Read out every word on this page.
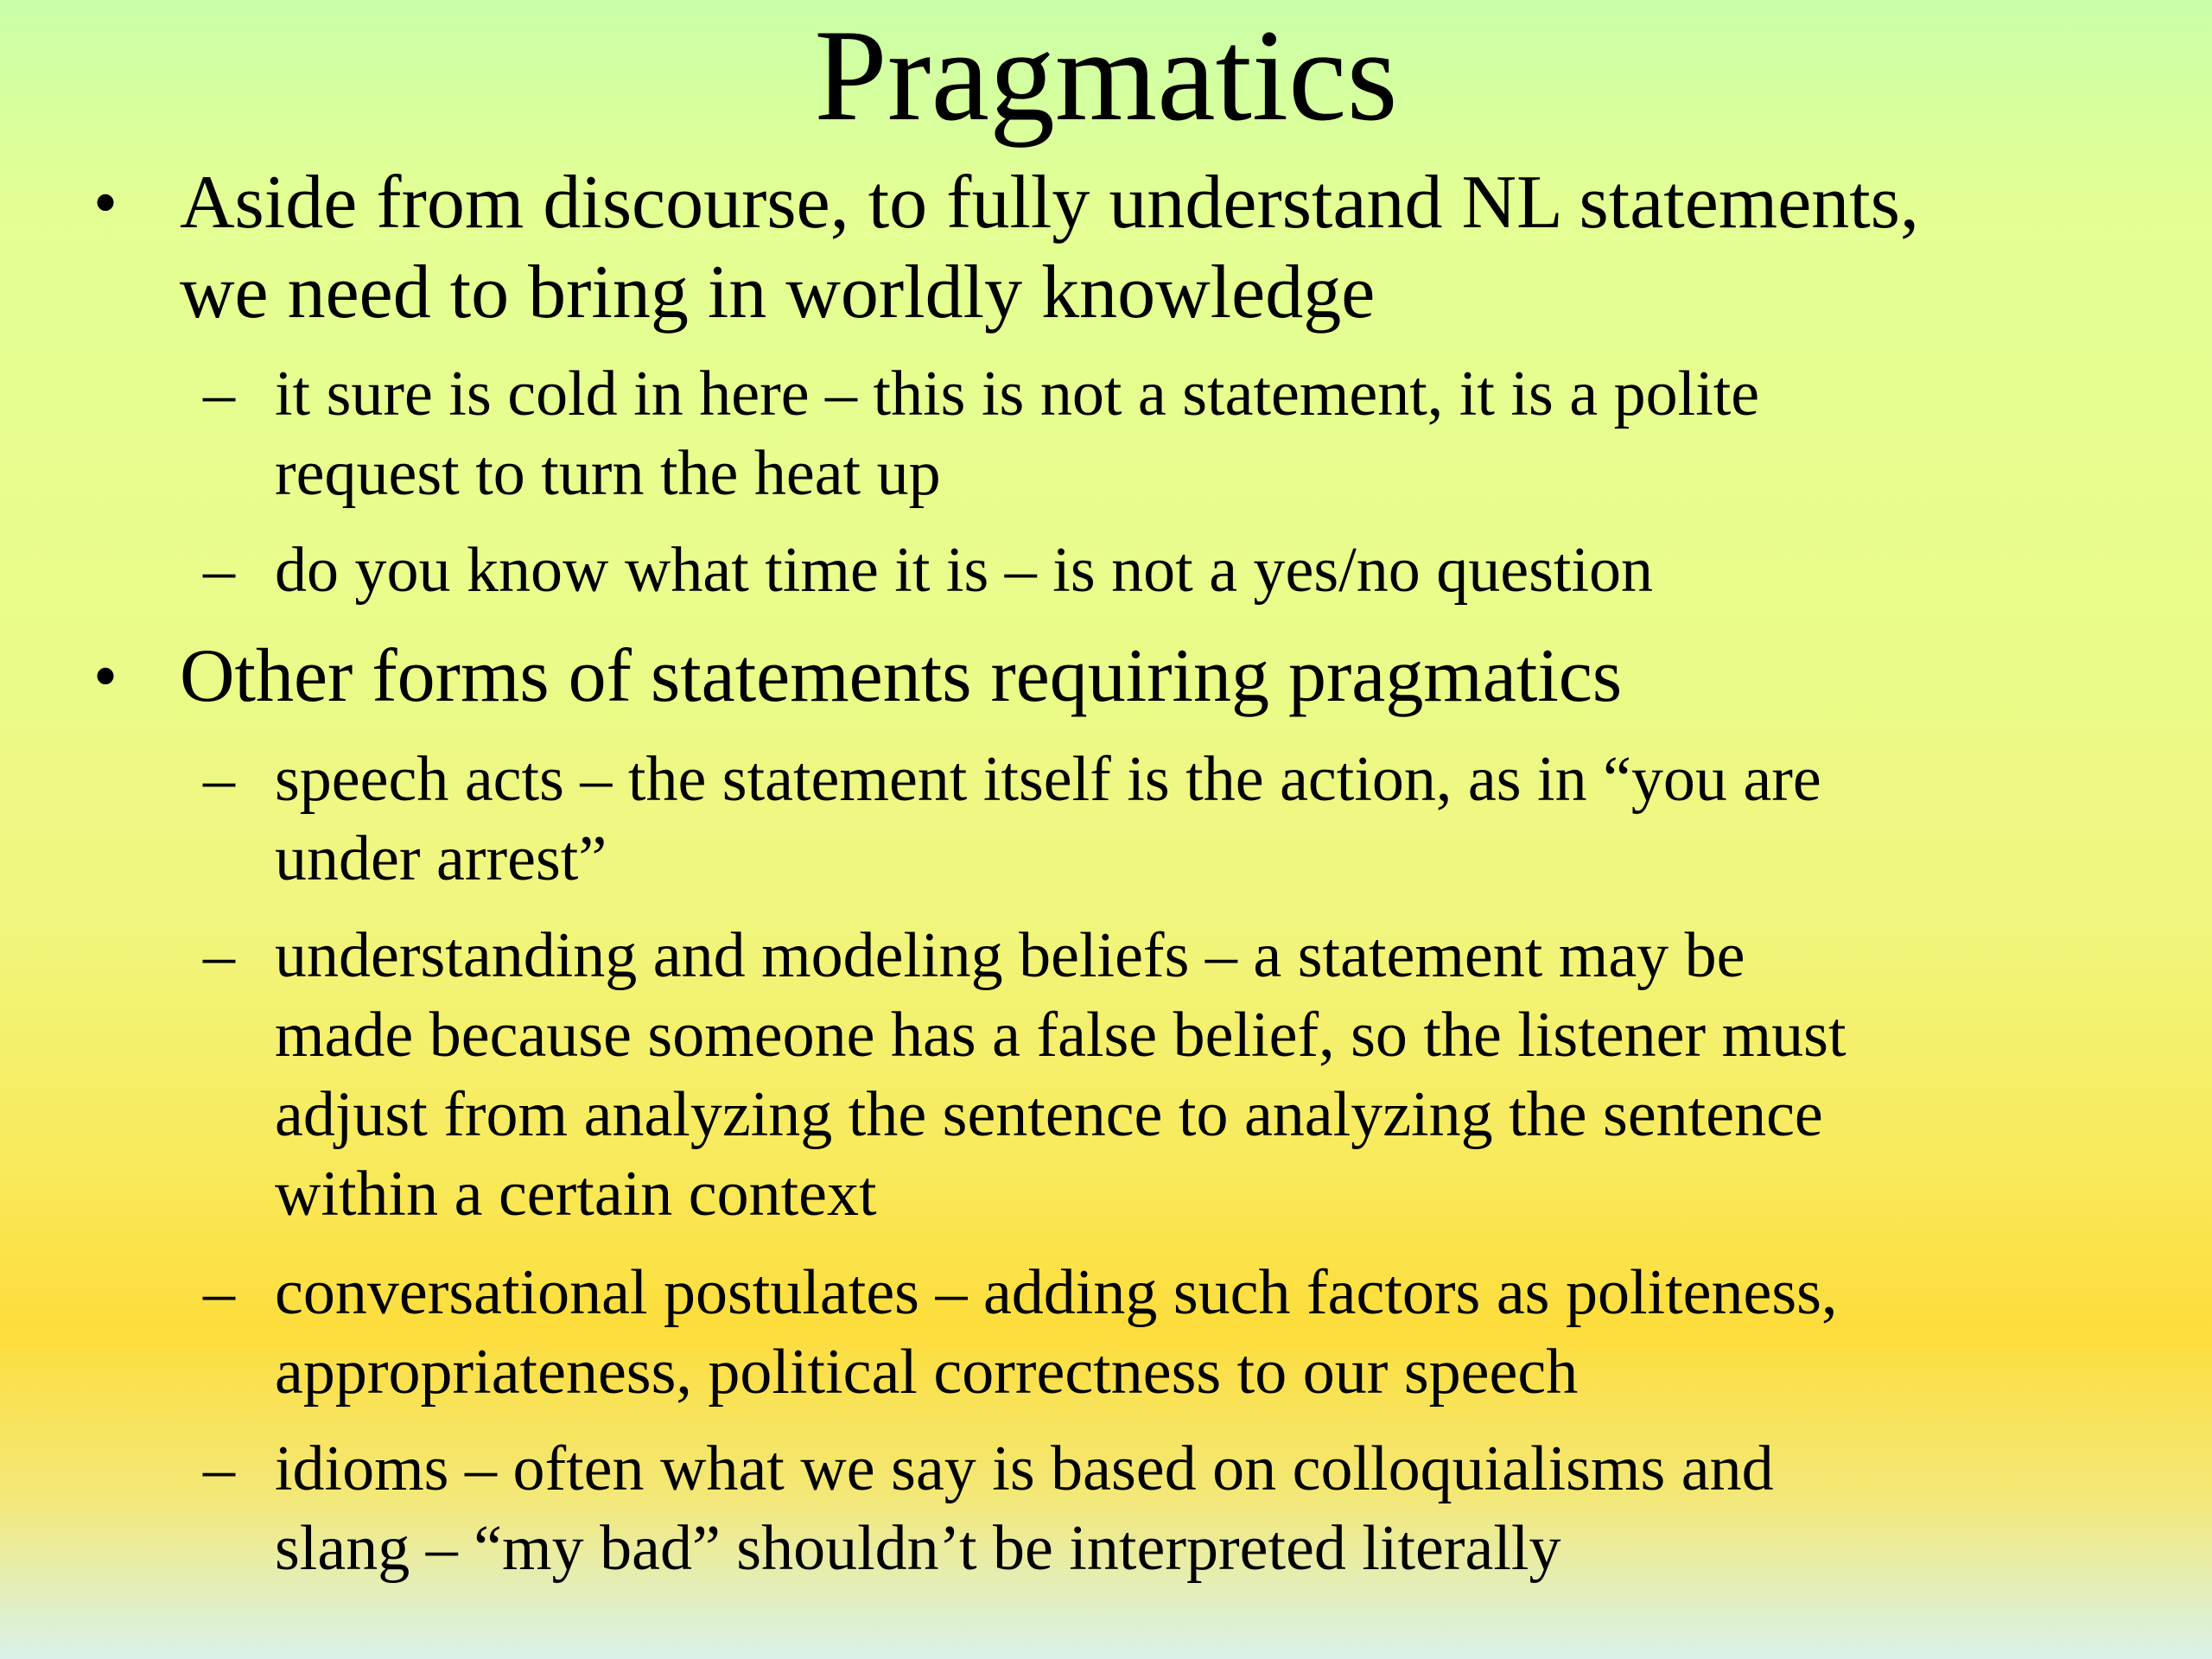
Pragmatics
• Aside from discourse, to fully understand NL statements,
we need to bring in worldly knowledge
– it sure is cold in here – this is not a statement, it is a polite
request to turn the heat up
– do you know what time it is – is not a yes/no question
• Other forms of statements requiring pragmatics
– speech acts – the statement itself is the action, as in “you are
under arrest”
– understanding and modeling beliefs – a statement may be
made because someone has a false belief, so the listener must
adjust from analyzing the sentence to analyzing the sentence
within a certain context
– conversational postulates – adding such factors as politeness,
appropriateness, political correctness to our speech
– idioms – often what we say is based on colloquialisms and
slang – “my bad” shouldn’t be interpreted literally
